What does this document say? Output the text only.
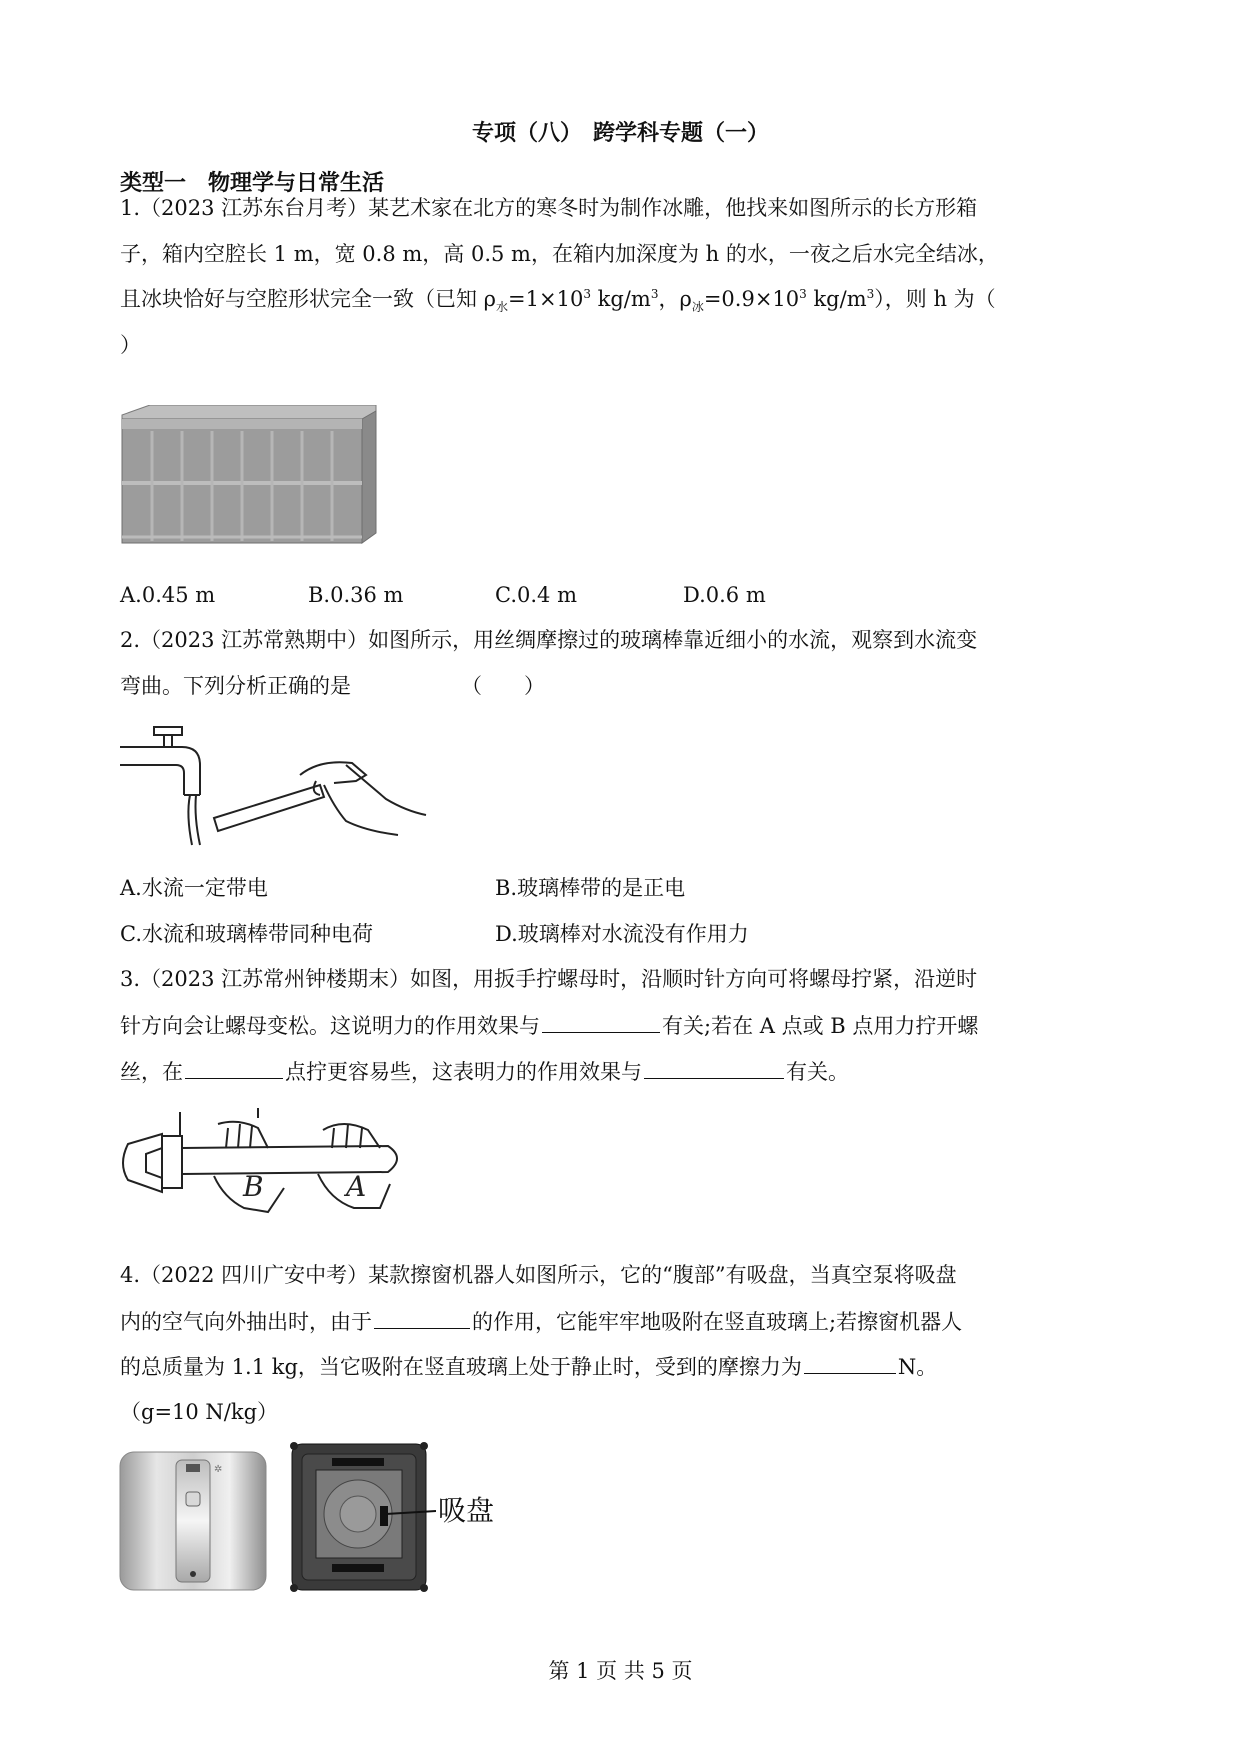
专项（八）　跨学科专题（一）
类型一　物理学与日常生活
1.（2023 江苏东台月考）某艺术家在北方的寒冬时为制作冰雕，他找来如图所示的长方形箱
子，箱内空腔长 1 m，宽 0.8 m，高 0.5 m，在箱内加深度为 h 的水，一夜之后水完全结冰，
且冰块恰好与空腔形状完全一致（已知 $\rho_水=1\times 10^3$ $kg/m^3$，$\rho_冰=0.9\times 10^3$ $kg/m^3$），则 h 为（
）
A.0.45 m	B.0.36 m	C.0.4 m	D.0.6 m
2.（2023 江苏常熟期中）如图所示，用丝绸摩擦过的玻璃棒靠近细小的水流，观察到水流变
弯曲。下列分析正确的是	（　　）
A.水流一定带电	B.玻璃棒带的是正电
C.水流和玻璃棒带同种电荷	D.玻璃棒对水流没有作用力
3.（2023 江苏常州钟楼期末）如图，用扳手拧螺母时，沿顺时针方向可将螺母拧紧，沿逆时
针方向会让螺母变松。这说明力的作用效果与	有关;若在 A 点或 B 点用力拧开螺
丝，在	点拧更容易些，这表明力的作用效果与	有关。
B	A
4.（2022 四川广安中考）某款擦窗机器人如图所示，它的“腹部”有吸盘，当真空泵将吸盘
内的空气向外抽出时，由于	的作用，它能牢牢地吸附在竖直玻璃上;若擦窗机器人
的总质量为 1.1 kg，当它吸附在竖直玻璃上处于静止时，受到的摩擦力为	N。
（g=10 N/kg）
✲
吸盘
第 1 页 共 5 页
